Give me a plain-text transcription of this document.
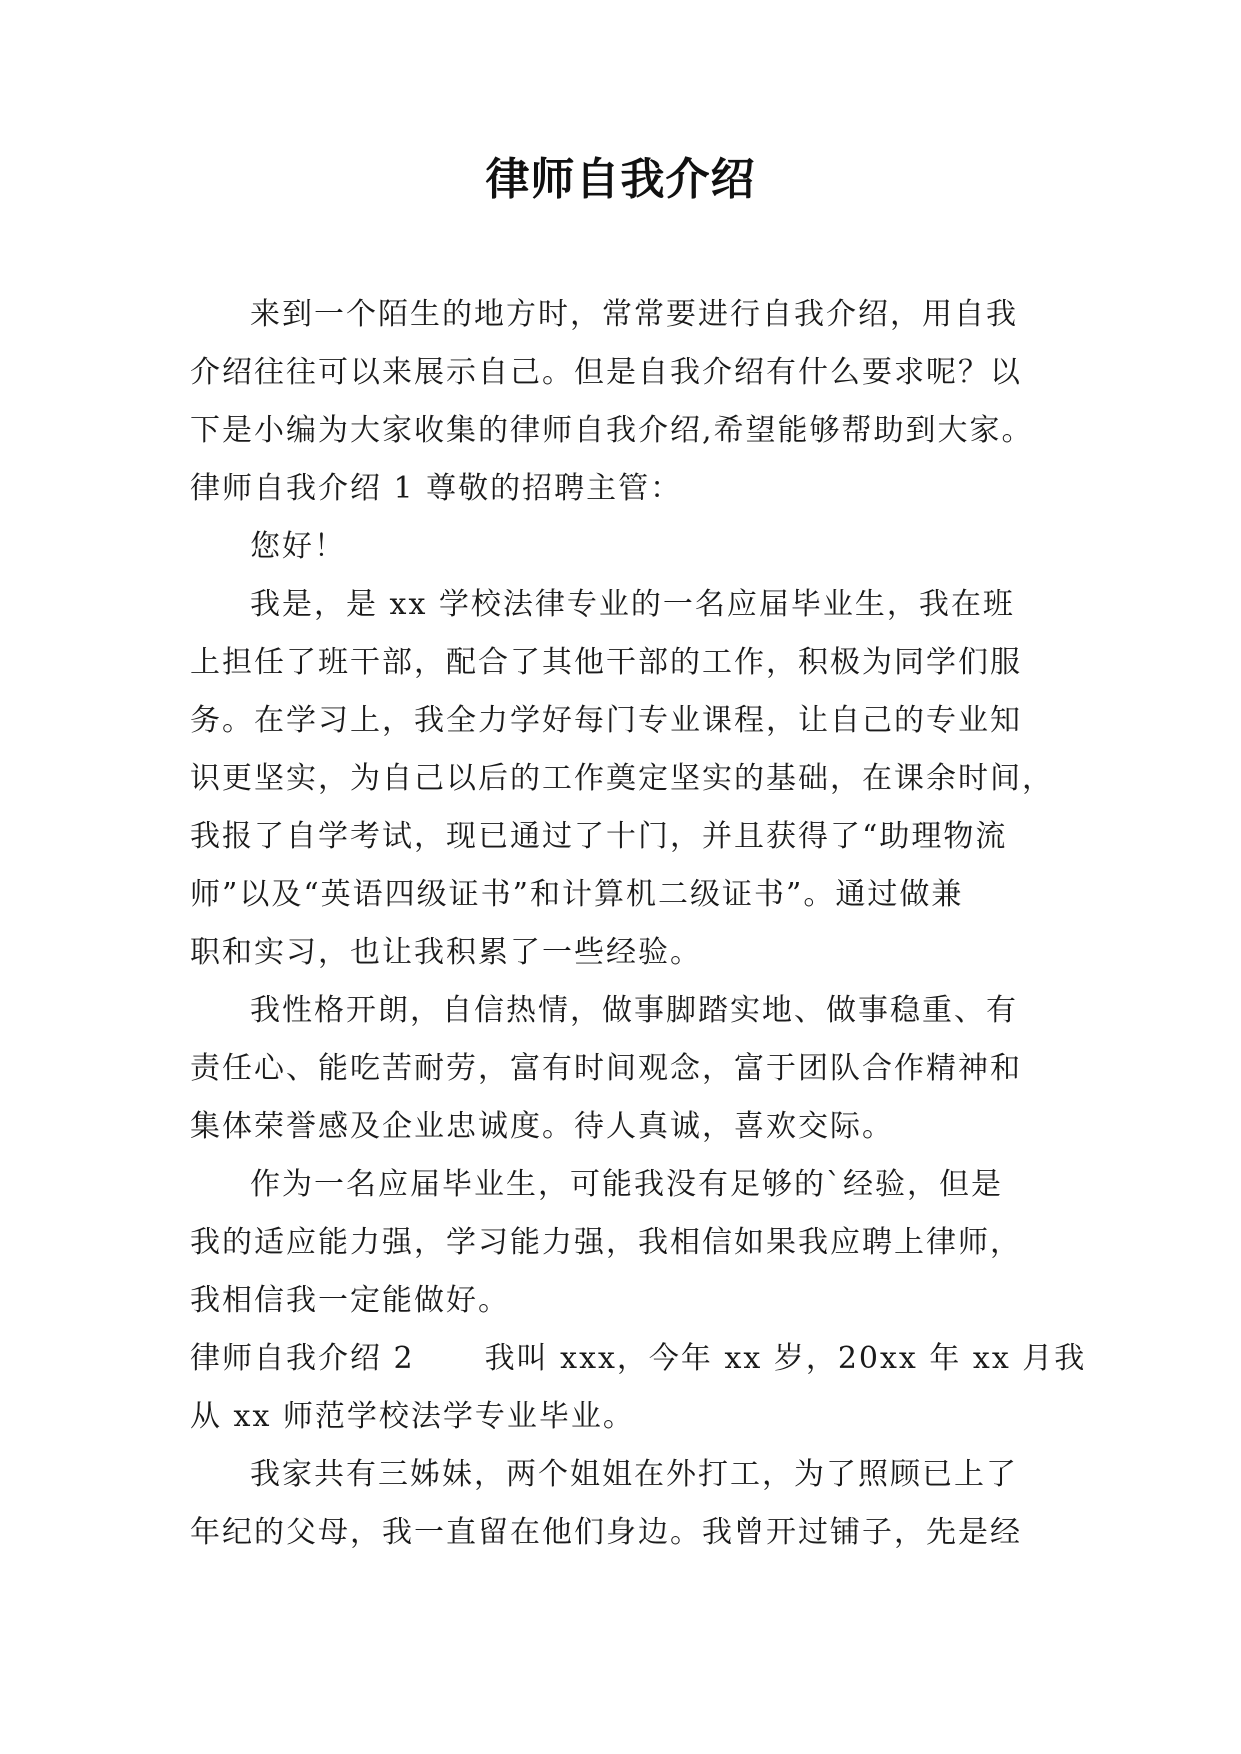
律师自我介绍

来到一个陌生的地方时，常常要进行自我介绍，用自我

介绍往往可以来展示自己。但是自我介绍有什么要求呢？以

下是小编为大家收集的律师自我介绍,希望能够帮助到大家。

律师自我介绍 1 尊敬的招聘主管：

您好！

我是，是 xx 学校法律专业的一名应届毕业生，我在班

上担任了班干部，配合了其他干部的工作，积极为同学们服

务。在学习上，我全力学好每门专业课程，让自己的专业知

识更坚实，为自己以后的工作奠定坚实的基础，在课余时间，

我报了自学考试，现已通过了十门，并且获得了“助理物流

师”以及“英语四级证书”和计算机二级证书”。通过做兼

职和实习，也让我积累了一些经验。

我性格开朗，自信热情，做事脚踏实地、做事稳重、有

责任心、能吃苦耐劳，富有时间观念，富于团队合作精神和

集体荣誉感及企业忠诚度。待人真诚，喜欢交际。

作为一名应届毕业生，可能我没有足够的`经验，但是

我的适应能力强，学习能力强，我相信如果我应聘上律师，

我相信我一定能做好。

律师自我介绍 2 我叫 xxx，今年 xx 岁，20xx 年 xx 月我

从 xx 师范学校法学专业毕业。

我家共有三姊妹，两个姐姐在外打工，为了照顾已上了

年纪的父母，我一直留在他们身边。我曾开过铺子，先是经
